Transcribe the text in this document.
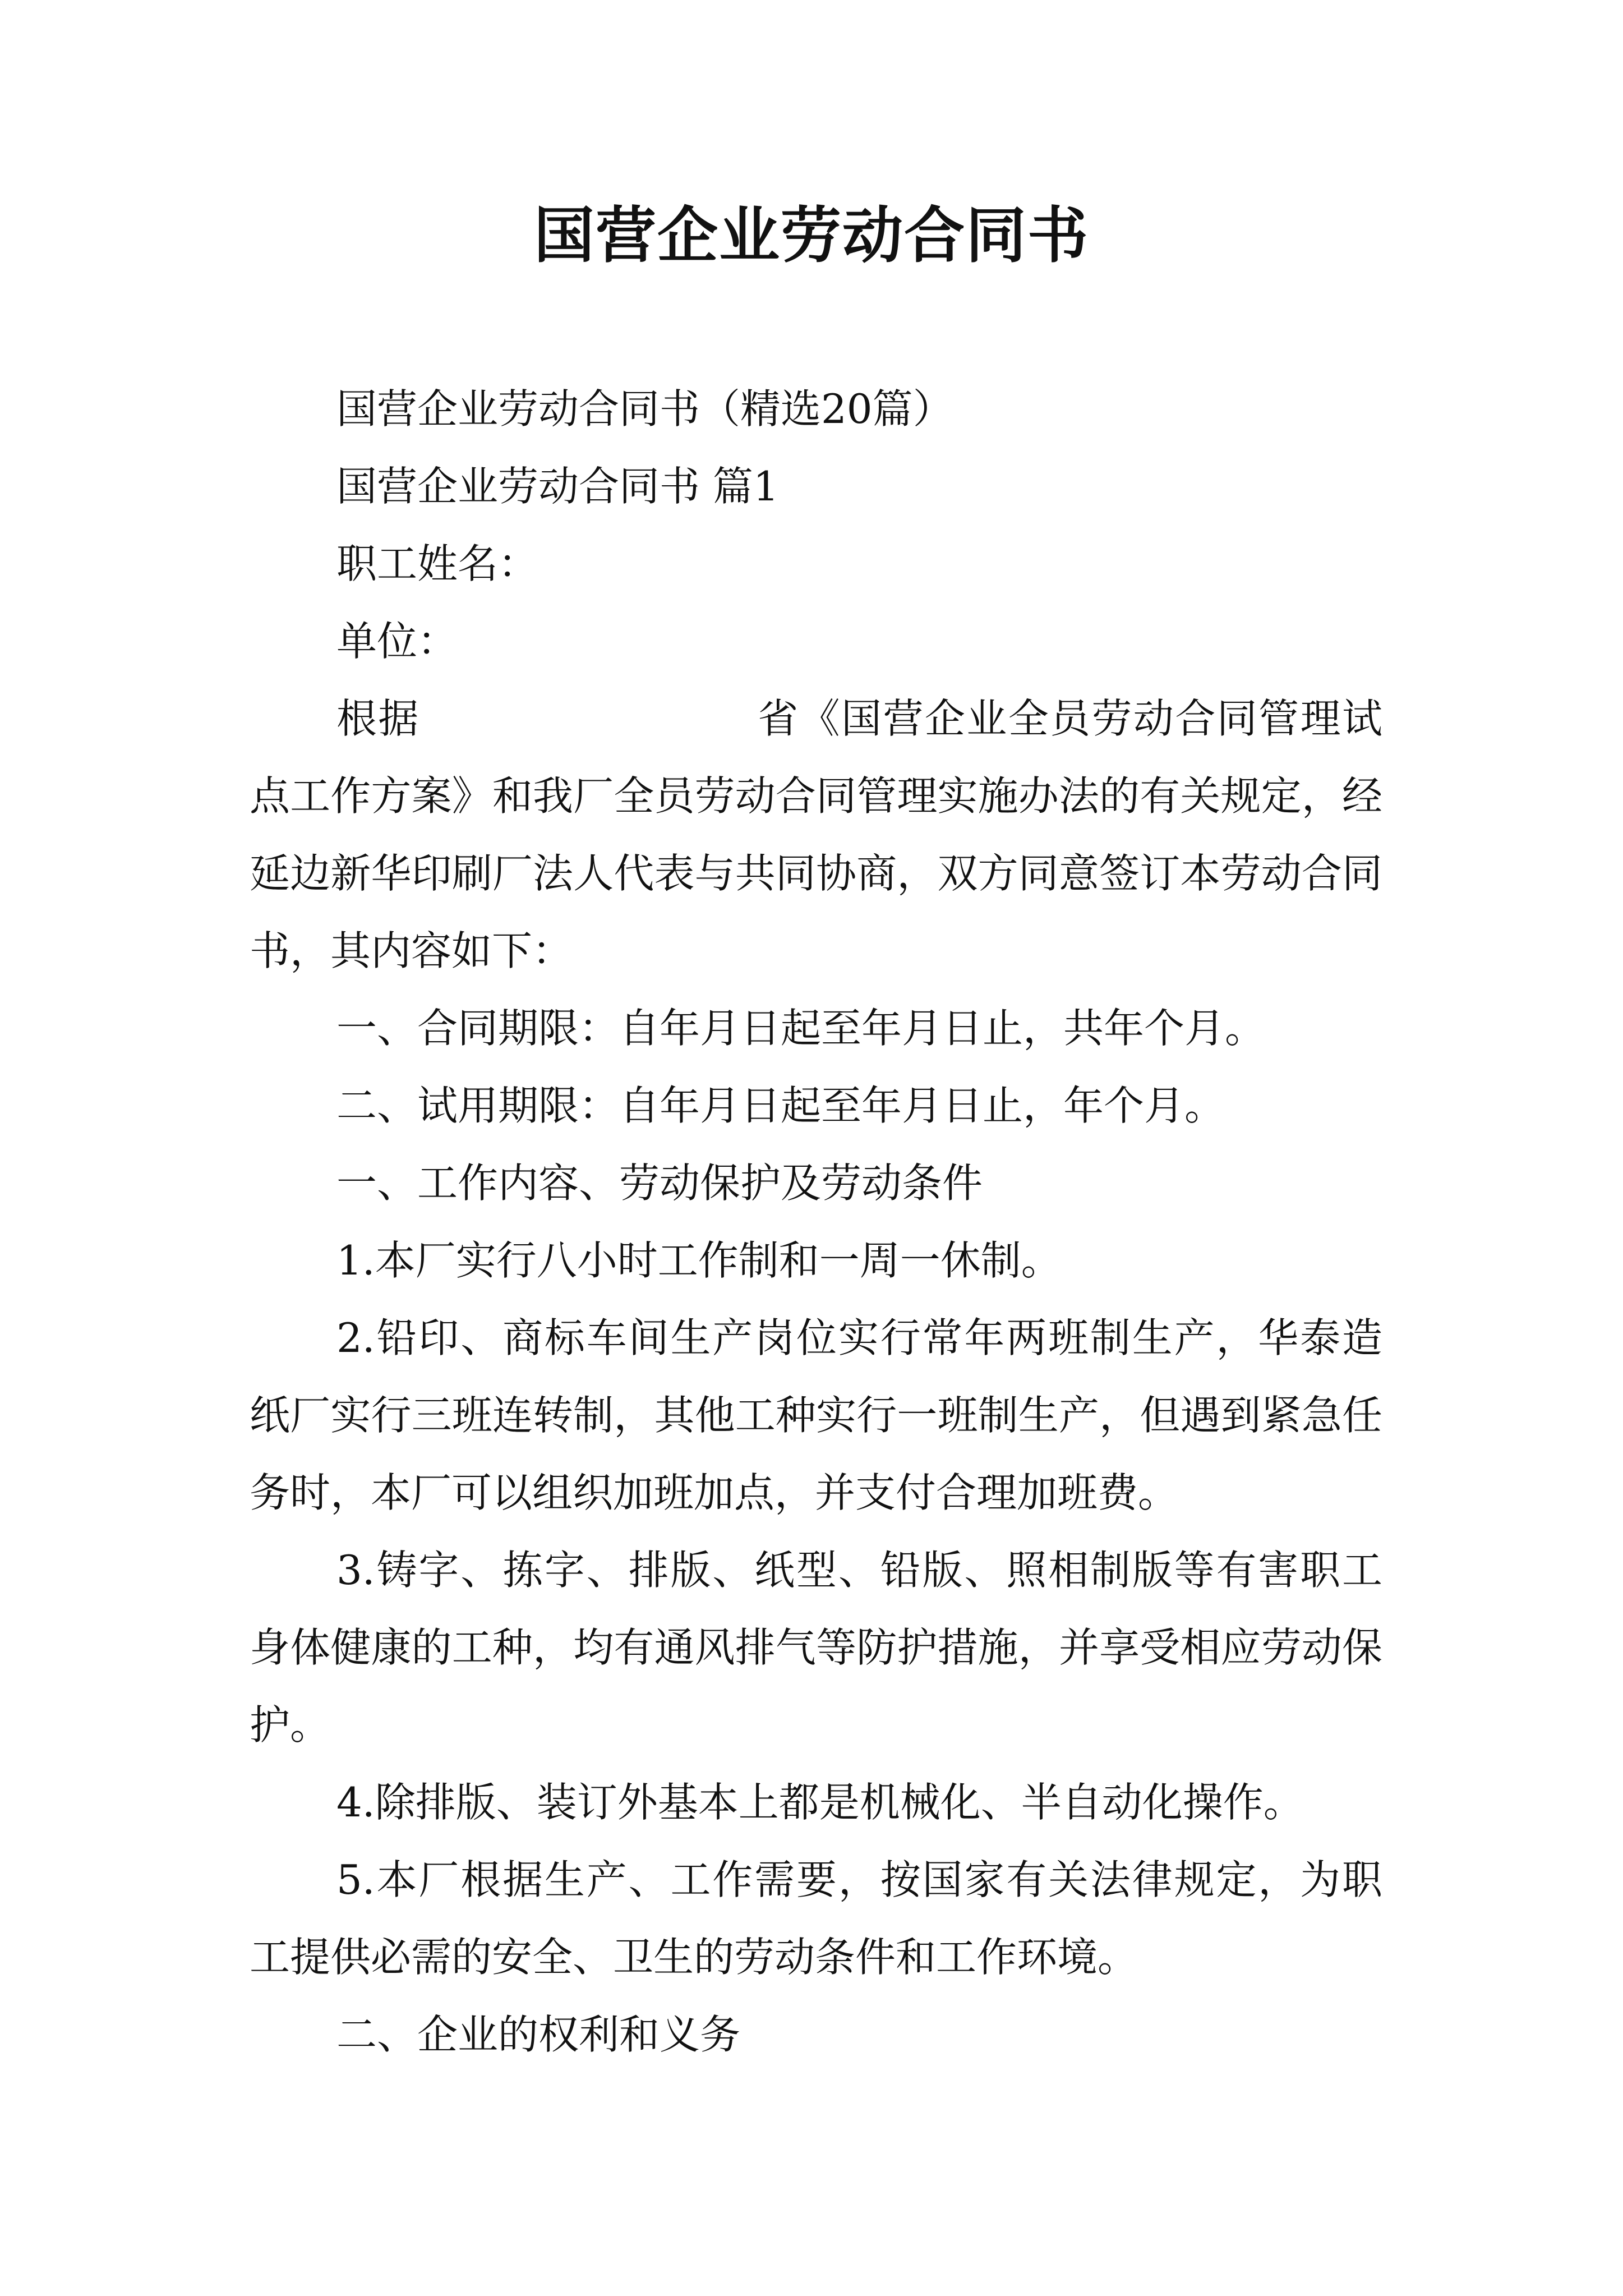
国营企业劳动合同书

国营企业劳动合同书（精选20篇）

国营企业劳动合同书 篇1

职工姓名：

单位：

根据	省《国营企业全员劳动合同管理试点工作方案》和我厂全员劳动合同管理实施办法的有关规定，经延边新华印刷厂法人代表与共同协商，双方同意签订本劳动合同书，其内容如下：

一、合同期限：自年月日起至年月日止，共年个月。

二、试用期限：自年月日起至年月日止，年个月。

一、工作内容、劳动保护及劳动条件

1.本厂实行八小时工作制和一周一休制。

2.铅印、商标车间生产岗位实行常年两班制生产，华泰造纸厂实行三班连转制，其他工种实行一班制生产，但遇到紧急任务时，本厂可以组织加班加点，并支付合理加班费。

3.铸字、拣字、排版、纸型、铅版、照相制版等有害职工身体健康的工种，均有通风排气等防护措施，并享受相应劳动保护。

4.除排版、装订外基本上都是机械化、半自动化操作。

5.本厂根据生产、工作需要，按国家有关法律规定，为职工提供必需的安全、卫生的劳动条件和工作环境。

二、企业的权利和义务
